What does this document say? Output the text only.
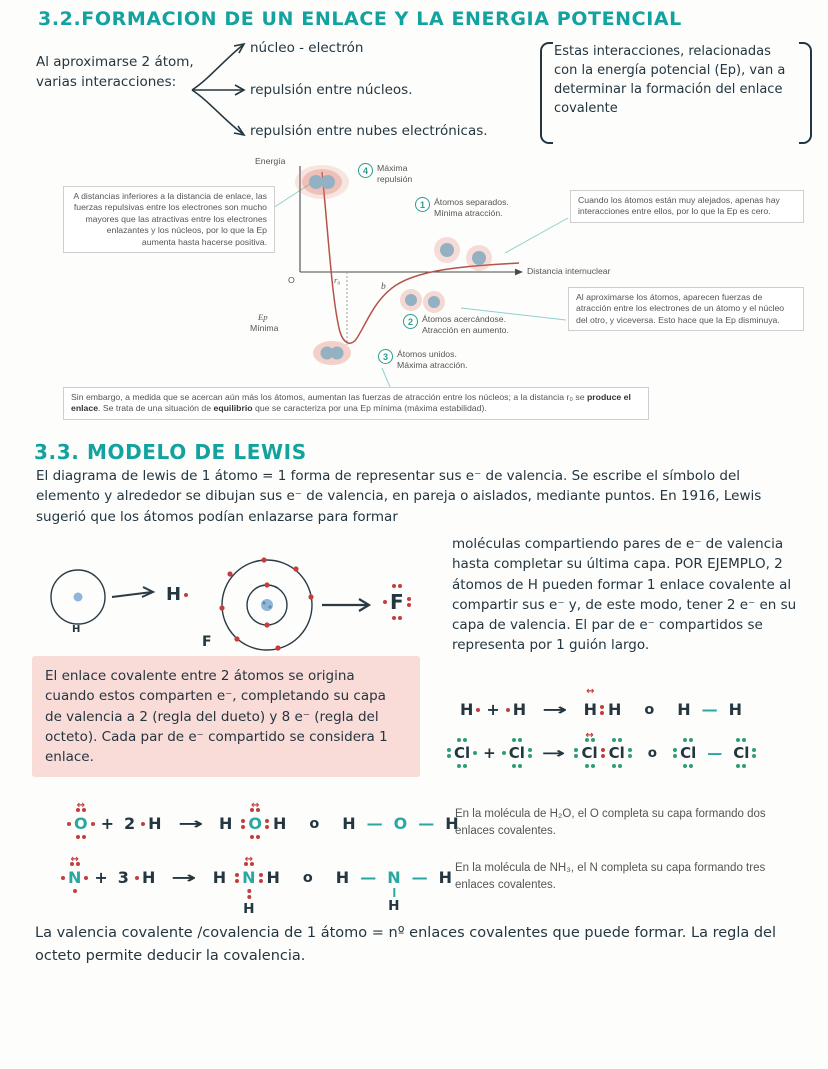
3.2.FORMACION DE UN ENLACE Y LA ENERGIA POTENCIAL
Al aproximarse 2 átom,
varias interacciones:
núcleo - electrón
repulsión entre núcleos.
repulsión entre nubes electrónicas.
Estas interacciones, relacionadas con la energía potencial (Ep), van a determinar la formación del enlace covalente
Energía
Distancia internuclear
O	r₀
b
Ep
Mínima
4	Máxima
repulsión
1	Átomos separados.
Mínima atracción.
2	Átomos acercándose.
Atracción en aumento.
3	Átomos unidos.
Máxima atracción.
A distancias inferiores a la distancia de enlace, las fuerzas repulsivas entre los electrones son mucho mayores que las atractivas entre los electrones enlazantes y los núcleos, por lo que la Ep aumenta hasta hacerse positiva.
Cuando los átomos están muy alejados, apenas hay interacciones entre ellos, por lo que la Ep es cero.
Al aproximarse los átomos, aparecen fuerzas de atracción entre los electrones de un átomo y el núcleo del otro, y viceversa. Esto hace que la Ep disminuya.
Sin embargo, a medida que se acercan aún más los átomos, aumentan las fuerzas de atracción entre los núcleos; a la distancia r₀ se produce el enlace. Se trata de una situación de equilibrio que se caracteriza por una Ep mínima (máxima estabilidad).
3.3. MODELO DE LEWIS

El diagrama de lewis de 1 átomo = 1 forma de representar sus e⁻ de valencia. Se escribe el símbolo del elemento y alrededor se dibujan sus e⁻ de valencia, en pareja o aislados, mediante puntos. En 1916, Lewis sugerió que los átomos podían enlazarse para formar

moléculas compartiendo pares de e⁻ de valencia hasta completar su última capa. POR EJEMPLO, 2 átomos de H pueden formar 1 enlace covalente al compartir sus e⁻ y, de este modo, tener 2 e⁻ en su capa de valencia. El par de e⁻ compartidos se representa por 1 guión largo.

H
F
H	F
El enlace covalente entre 2 átomos se origina cuando estos comparten e⁻, completando su capa de valencia a 2 (regla del dueto) y 8 e⁻ (regla del octeto). Cada par de e⁻ compartido se considera 1 enlace.
H + H → H
↔
H o H — H
Cl + Cl	→	Cl
↔
Cl o Cl — Cl
O
↔
+ 2 H → H O
↔
H o H — O — H
N
↔
+ 3 H → H N
↔
H
H o H — N
H
— H

En la molécula de H₂O, el O completa su capa formando dos enlaces covalentes.

En la molécula de NH₃, el N completa su capa formando tres enlaces covalentes.

La valencia covalente /covalencia de 1 átomo = nº enlaces covalentes que puede formar. La regla del octeto permite deducir la covalencia.
